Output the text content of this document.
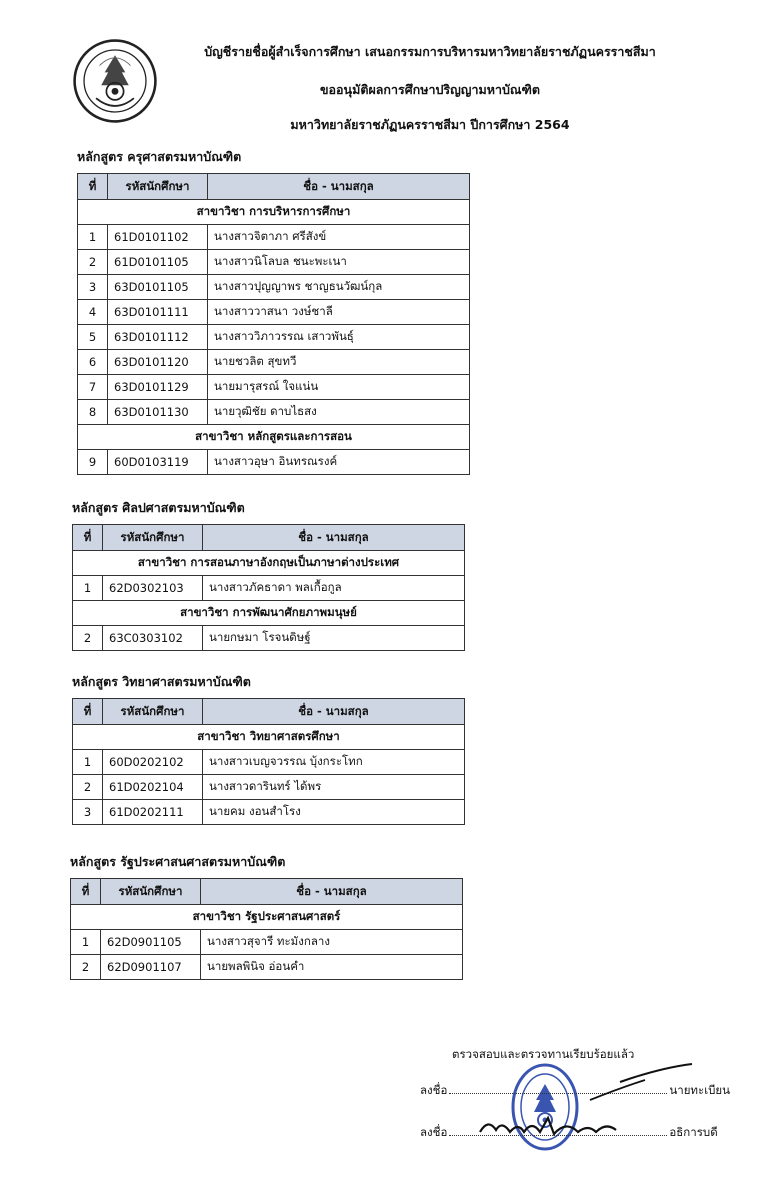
บัญชีรายชื่อผู้สำเร็จการศึกษา เสนอกรรมการบริหารมหาวิทยาลัยราชภัฏนครราชสีมา
ขออนุมัติผลการศึกษาปริญญามหาบัณฑิต
มหาวิทยาลัยราชภัฏนครราชสีมา ปีการศึกษา 2564
หลักสูตร ครุศาสตรมหาบัณฑิต
ที่	รหัสนักศึกษา	ชื่อ - นามสกุล
สาขาวิชา การบริหารการศึกษา		
1	61D0101102	นางสาวจิตาภา ศรีสังข์
2	61D0101105	นางสาวนิโลบล ชนะพะเนา
3	63D0101105	นางสาวปุญญาพร ชาญธนวัฒน์กุล
4	63D0101111	นางสาววาสนา วงษ์ชาลี
5	63D0101112	นางสาววิภาวรรณ เสาวพันธุ์
6	63D0101120	นายชวลิต สุขทวี
7	63D0101129	นายมารุสรณ์ ใจแน่น
8	63D0101130	นายวุฒิชัย ดาบไธสง
สาขาวิชา หลักสูตรและการสอน		
9	60D0103119	นางสาวอุษา อินทรณรงค์
หลักสูตร ศิลปศาสตรมหาบัณฑิต
ที่	รหัสนักศึกษา	ชื่อ - นามสกุล
สาขาวิชา การสอนภาษาอังกฤษเป็นภาษาต่างประเทศ		
1	62D0302103	นางสาวภัคธาดา พลเกื้อกูล
สาขาวิชา การพัฒนาศักยภาพมนุษย์		
2	63C0303102	นายกษมา โรจนดิษฐ์
หลักสูตร วิทยาศาสตรมหาบัณฑิต
ที่	รหัสนักศึกษา	ชื่อ - นามสกุล
สาขาวิชา วิทยาศาสตรศึกษา		
1	60D0202102	นางสาวเบญจวรรณ บุ้งกระโทก
2	61D0202104	นางสาวดารินทร์ ได้พร
3	61D0202111	นายคม งอนสำโรง
หลักสูตร รัฐประศาสนศาสตรมหาบัณฑิต
ที่	รหัสนักศึกษา	ชื่อ - นามสกุล
สาขาวิชา รัฐประศาสนศาสตร์		
1	62D0901105	นางสาวสุจารี ทะมังกลาง
2	62D0901107	นายพลพินิจ อ่อนคำ
ตรวจสอบและตรวจทานเรียบร้อยแล้ว
ลงชื่อ	นายทะเบียน
ลงชื่อ	อธิการบดี
